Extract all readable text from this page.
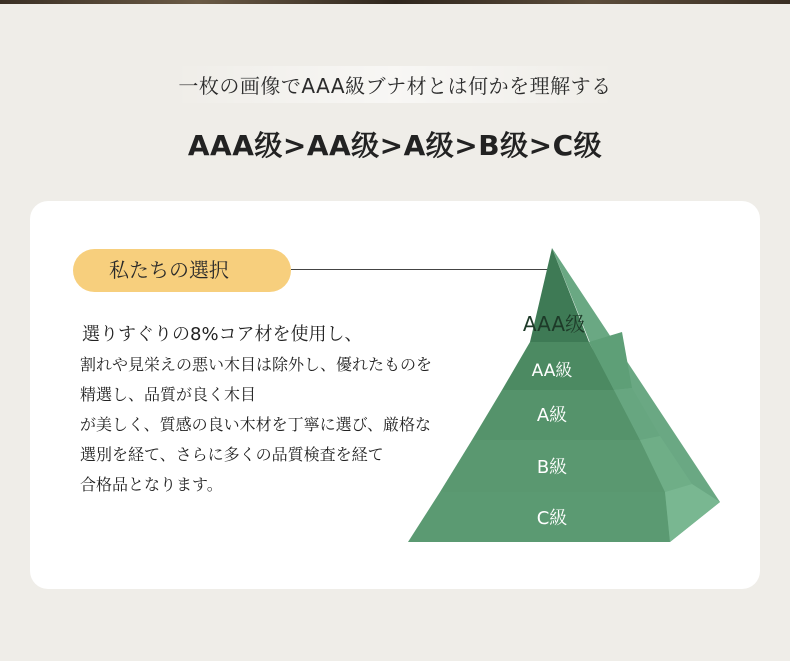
一枚の画像でAAA級ブナ材とは何かを理解する
AAA级>AA级>A级>B级>C级
私たちの選択
選りすぐりの8%コア材を使用し、
割れや見栄えの悪い木目は除外し、優れたものを
精選し、品質が良く木目
が美しく、質感の良い木材を丁寧に選び、厳格な
選別を経て、さらに多くの品質検査を経て
合格品となります。
AAA级
AA級
A級
B級
C級
